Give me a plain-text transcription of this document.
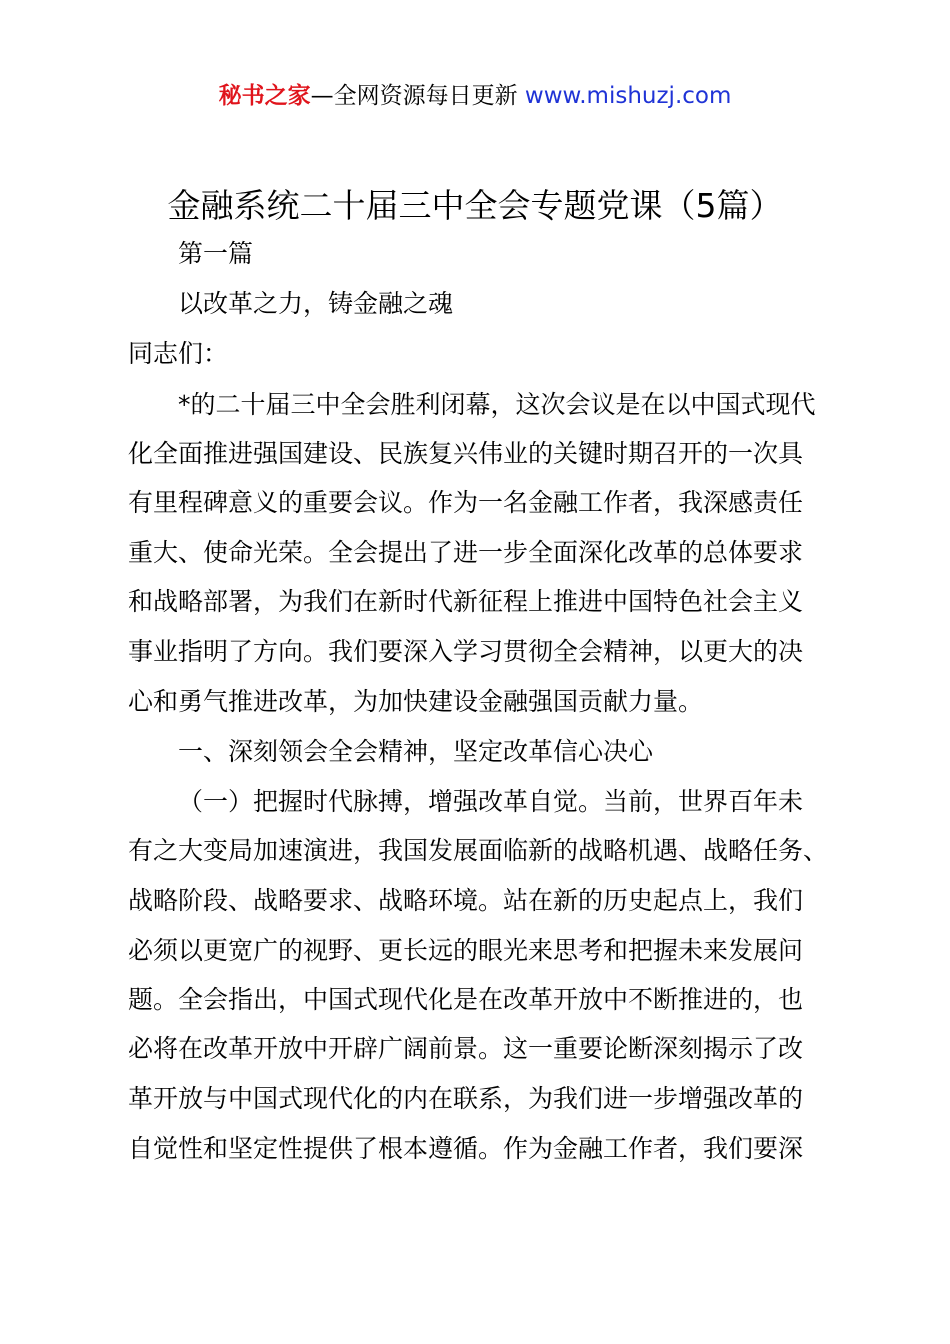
秘书之家—全网资源每日更新 www.mishuzj.com
金融系统二十届三中全会专题党课（5篇）
第一篇
以改革之力，铸金融之魂
同志们：
*的二十届三中全会胜利闭幕，这次会议是在以中国式现代
化全面推进强国建设、民族复兴伟业的关键时期召开的一次具
有里程碑意义的重要会议。作为一名金融工作者，我深感责任
重大、使命光荣。全会提出了进一步全面深化改革的总体要求
和战略部署，为我们在新时代新征程上推进中国特色社会主义
事业指明了方向。我们要深入学习贯彻全会精神，以更大的决
心和勇气推进改革，为加快建设金融强国贡献力量。
一、深刻领会全会精神，坚定改革信心决心
（一）把握时代脉搏，增强改革自觉。当前，世界百年未
有之大变局加速演进，我国发展面临新的战略机遇、战略任务、
战略阶段、战略要求、战略环境。站在新的历史起点上，我们
必须以更宽广的视野、更长远的眼光来思考和把握未来发展问
题。全会指出，中国式现代化是在改革开放中不断推进的，也
必将在改革开放中开辟广阔前景。这一重要论断深刻揭示了改
革开放与中国式现代化的内在联系，为我们进一步增强改革的
自觉性和坚定性提供了根本遵循。作为金融工作者，我们要深
